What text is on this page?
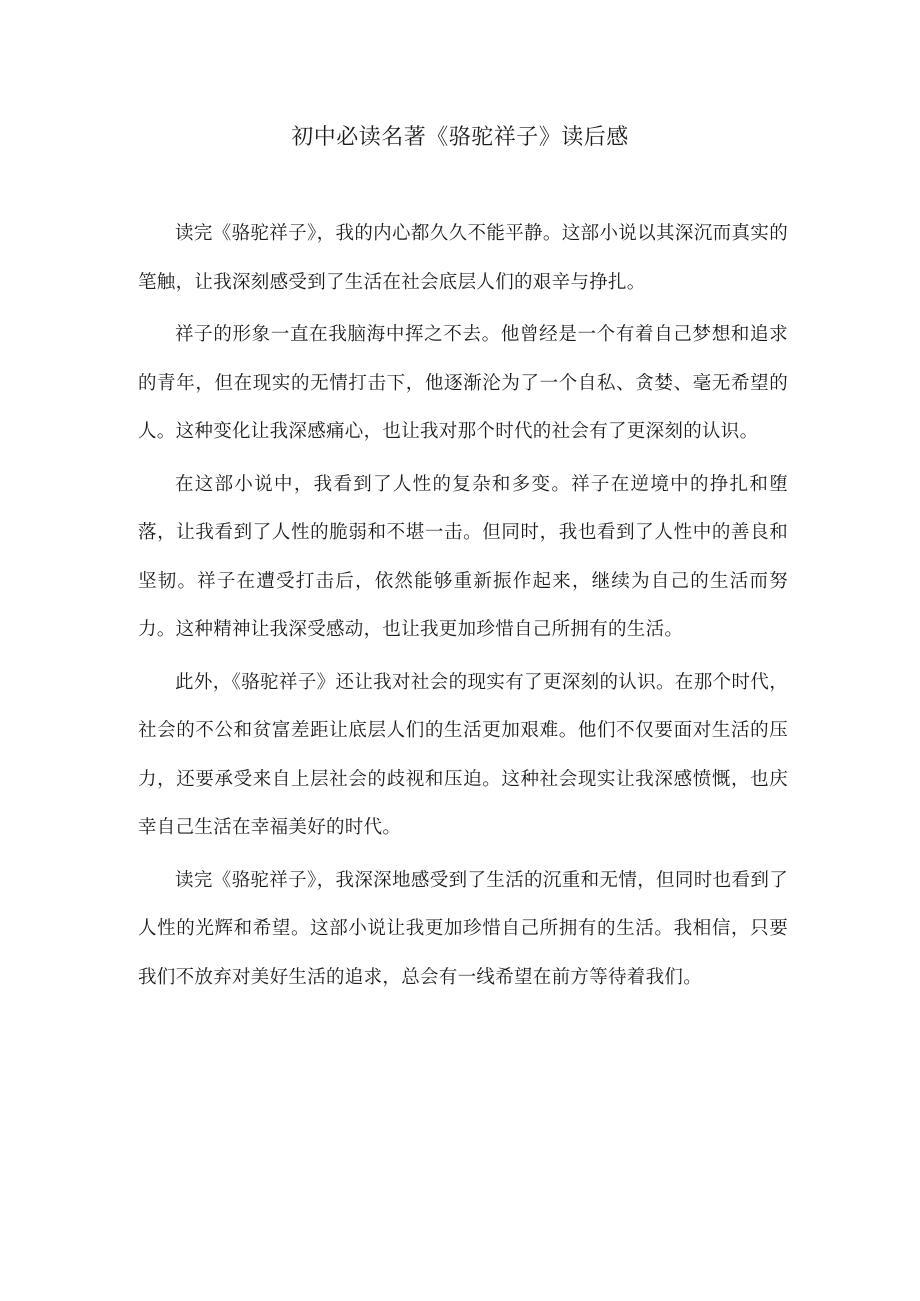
初中必读名著《骆驼祥子》读后感

读完《骆驼祥子》，我的内心都久久不能平静。这部小说以其深沉而真实的笔触，让我深刻感受到了生活在社会底层人们的艰辛与挣扎。

祥子的形象一直在我脑海中挥之不去。他曾经是一个有着自己梦想和追求的青年，但在现实的无情打击下，他逐渐沦为了一个自私、贪婪、毫无希望的人。这种变化让我深感痛心，也让我对那个时代的社会有了更深刻的认识。

在这部小说中，我看到了人性的复杂和多变。祥子在逆境中的挣扎和堕落，让我看到了人性的脆弱和不堪一击。但同时，我也看到了人性中的善良和坚韧。祥子在遭受打击后，依然能够重新振作起来，继续为自己的生活而努力。这种精神让我深受感动，也让我更加珍惜自己所拥有的生活。

此外，《骆驼祥子》还让我对社会的现实有了更深刻的认识。在那个时代，社会的不公和贫富差距让底层人们的生活更加艰难。他们不仅要面对生活的压力，还要承受来自上层社会的歧视和压迫。这种社会现实让我深感愤慨，也庆幸自己生活在幸福美好的时代。

读完《骆驼祥子》，我深深地感受到了生活的沉重和无情，但同时也看到了人性的光辉和希望。这部小说让我更加珍惜自己所拥有的生活。我相信，只要我们不放弃对美好生活的追求，总会有一线希望在前方等待着我们。
